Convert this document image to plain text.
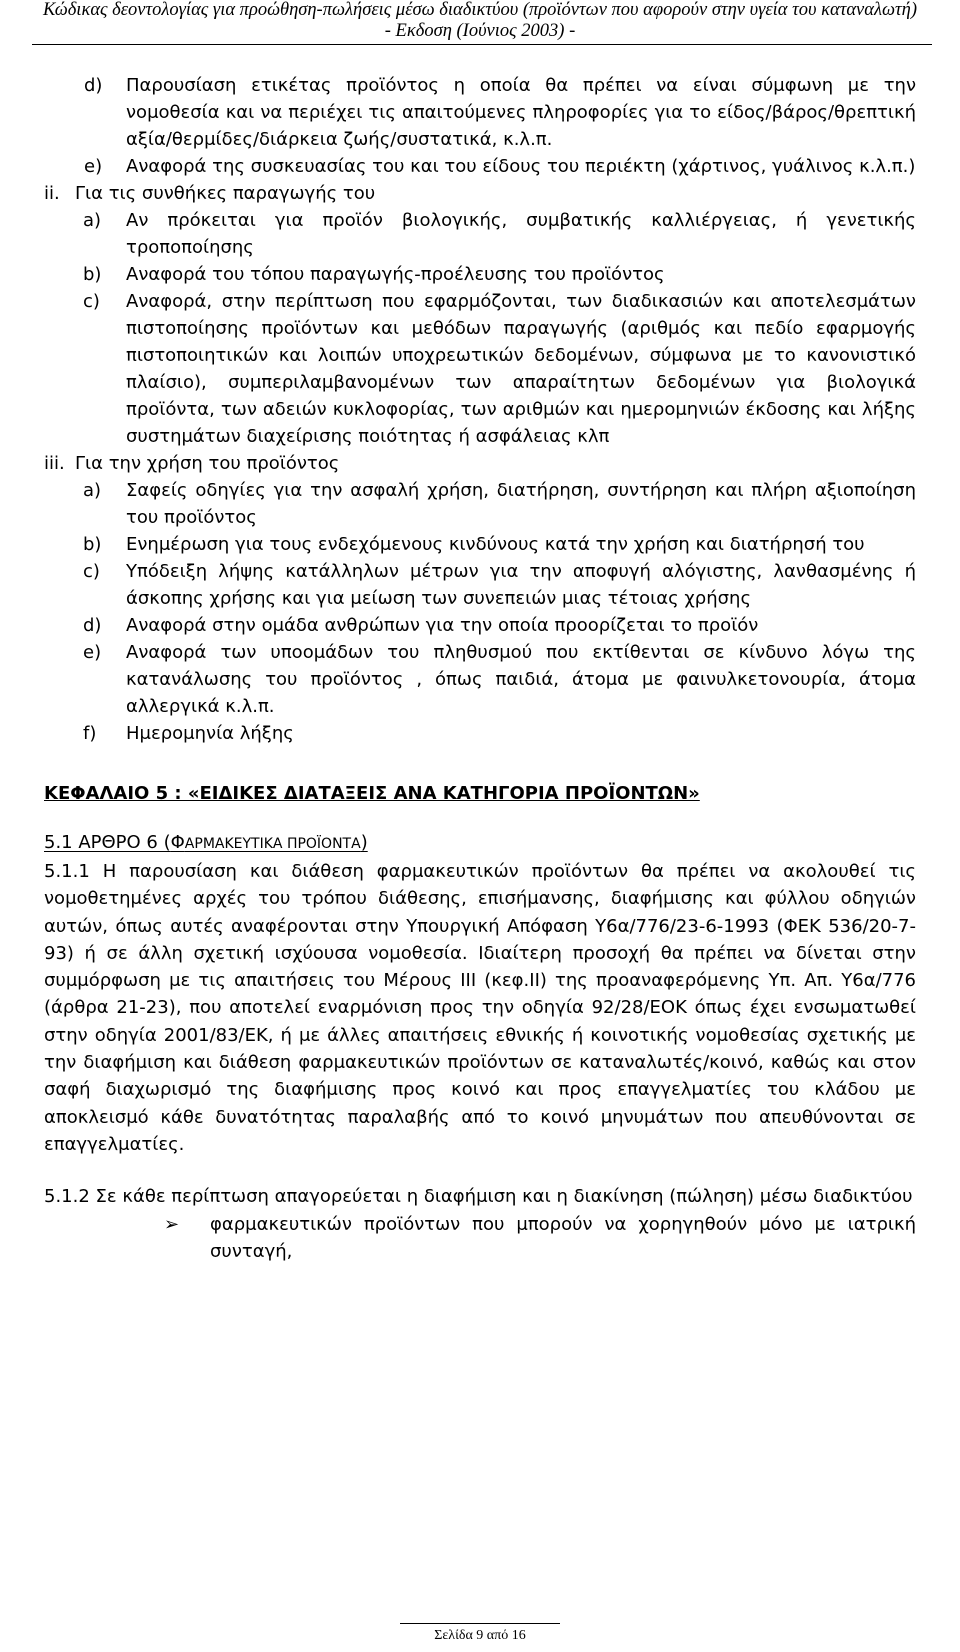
Κώδικας δεοντολογίας για προώθηση-πωλήσεις μέσω διαδικτύου (προϊόντων που αφορούν στην υγεία του καταναλωτή)
- Εκδοση (Ιούνιος 2003) -
d)	Παρουσίαση ετικέτας προϊόντος η οποία θα πρέπει να είναι σύμφωνη με την νομοθεσία και να περιέχει τις απαιτούμενες πληροφορίες για το είδος/βάρος/θρεπτική αξία/θερμίδες/διάρκεια ζωής/συστατικά, κ.λ.π.
e)	Αναφορά της συσκευασίας του και του είδους του περιέκτη (χάρτινος, γυάλινος κ.λ.π.)
ii. Για τις συνθήκες παραγωγής του
a)	Αν πρόκειται για προϊόν βιολογικής, συμβατικής καλλιέργειας, ή γενετικής τροποποίησης
b)	Αναφορά του τόπου παραγωγής-προέλευσης του προϊόντος
c)	Αναφορά, στην περίπτωση που εφαρμόζονται, των διαδικασιών και αποτελεσμάτων πιστοποίησης προϊόντων και μεθόδων παραγωγής (αριθμός και πεδίο εφαρμογής πιστοποιητικών και λοιπών υποχρεωτικών δεδομένων, σύμφωνα με το κανονιστικό πλαίσιο), συμπεριλαμβανομένων των απαραίτητων δεδομένων για βιολογικά προϊόντα, των αδειών κυκλοφορίας, των αριθμών και ημερομηνιών έκδοσης και λήξης συστημάτων διαχείρισης ποιότητας ή ασφάλειας κλπ
iii. Για την χρήση του προϊόντος
a)	Σαφείς οδηγίες για την ασφαλή χρήση, διατήρηση, συντήρηση και πλήρη αξιοποίηση του προϊόντος
b)	Ενημέρωση για τους ενδεχόμενους κινδύνους κατά την χρήση και διατήρησή του
c)	Υπόδειξη λήψης κατάλληλων μέτρων για την αποφυγή αλόγιστης, λανθασμένης ή άσκοπης χρήσης και για μείωση των συνεπειών μιας τέτοιας χρήσης
d)	Αναφορά στην ομάδα ανθρώπων για την οποία προορίζεται το προϊόν
e)	Αναφορά των υποομάδων του πληθυσμού που εκτίθενται σε κίνδυνο λόγω της κατανάλωσης του προϊόντος , όπως παιδιά, άτομα με φαινυλκετονουρία, άτομα αλλεργικά κ.λ.π.
f)	Ημερομηνία λήξης
ΚΕΦΑΛΑΙΟ 5 : «ΕΙΔΙΚΕΣ ΔΙΑΤΑΞΕΙΣ ΑΝΑ ΚΑΤΗΓΟΡΙΑ ΠΡΟΪΟΝΤΩΝ»
5.1 ΑΡΘΡΟ 6 (ΦΑΡΜΑΚΕΥΤΙΚΑ ΠΡΟΪΟΝΤΑ)
5.1.1 Η παρουσίαση και διάθεση φαρμακευτικών προϊόντων θα πρέπει να ακολουθεί τις νομοθετημένες αρχές του τρόπου διάθεσης, επισήμανσης, διαφήμισης και φύλλου οδηγιών αυτών, όπως αυτές αναφέρονται στην Υπουργική Απόφαση Υ6α/776/23-6-1993 (ΦΕΚ 536/20-7-93) ή σε άλλη σχετική ισχύουσα νομοθεσία. Ιδιαίτερη προσοχή θα πρέπει να δίνεται στην συμμόρφωση με τις απαιτήσεις του Μέρους ΙΙΙ (κεφ.ΙΙ) της προαναφερόμενης Υπ. Απ. Υ6α/776 (άρθρα 21-23), που αποτελεί εναρμόνιση προς την οδηγία 92/28/ΕΟΚ όπως έχει ενσωματωθεί στην οδηγία 2001/83/ΕΚ, ή με άλλες απαιτήσεις εθνικής ή κοινοτικής νομοθεσίας σχετικής με την διαφήμιση και διάθεση φαρμακευτικών προϊόντων σε καταναλωτές/κοινό, καθώς και στον σαφή διαχωρισμό της διαφήμισης προς κοινό και προς επαγγελματίες του κλάδου με αποκλεισμό κάθε δυνατότητας παραλαβής από το κοινό μηνυμάτων που απευθύνονται σε επαγγελματίες.
5.1.2 Σε κάθε περίπτωση απαγορεύεται η διαφήμιση και η διακίνηση (πώληση) μέσω διαδικτύου
➢	φαρμακευτικών προϊόντων που μπορούν να χορηγηθούν μόνο με ιατρική συνταγή,
Σελίδα 9 από 16
